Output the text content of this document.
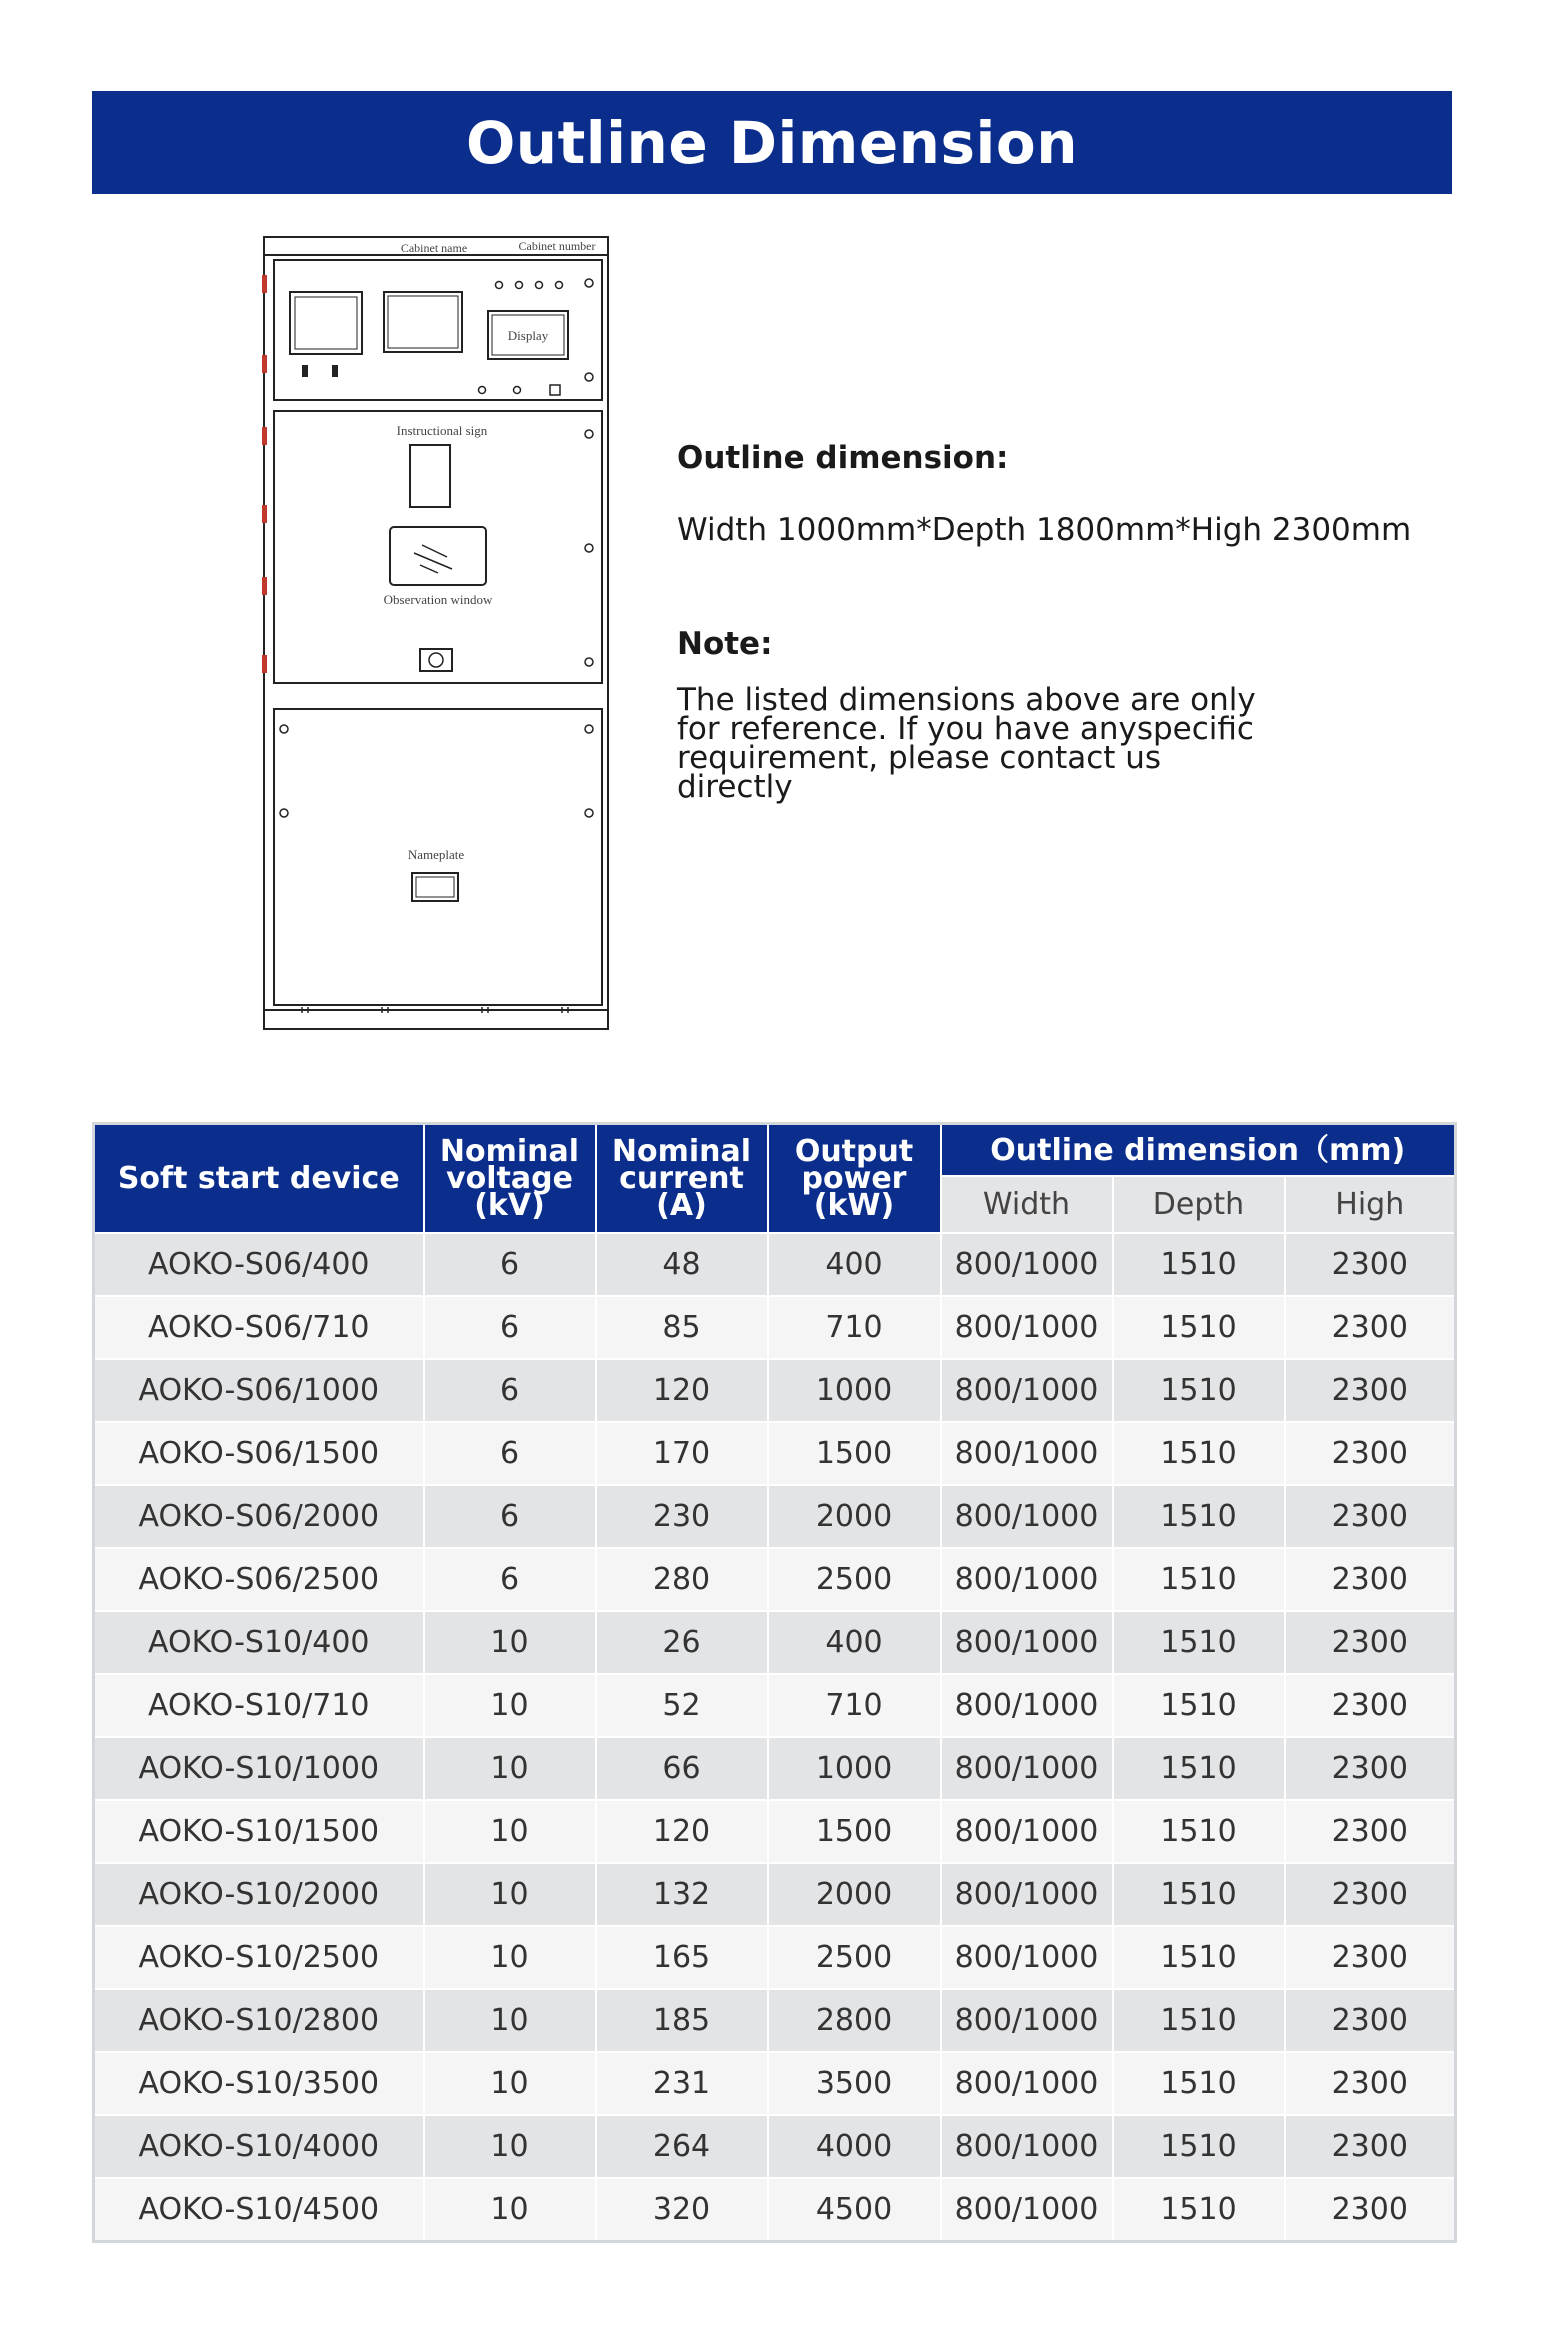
Outline Dimension
Cabinet name	Cabinet number
Display
Instructional sign
Observation window
Nameplate

Outline dimension:

Width 1000mm*Depth 1800mm*High 2300mm

Note:

The listed dimensions above are only for reference. If you have anyspecific requirement, please contact us directly

Soft start device	Nominal voltage (kV)	Nominal current (A)	Output power (kW)	Outline dimension（mm)		
				Width	Depth	High
AOKO-S06/400	6	48	400	800/1000	1510	2300
AOKO-S06/710	6	85	710	800/1000	1510	2300
AOKO-S06/1000	6	120	1000	800/1000	1510	2300
AOKO-S06/1500	6	170	1500	800/1000	1510	2300
AOKO-S06/2000	6	230	2000	800/1000	1510	2300
AOKO-S06/2500	6	280	2500	800/1000	1510	2300
AOKO-S10/400	10	26	400	800/1000	1510	2300
AOKO-S10/710	10	52	710	800/1000	1510	2300
AOKO-S10/1000	10	66	1000	800/1000	1510	2300
AOKO-S10/1500	10	120	1500	800/1000	1510	2300
AOKO-S10/2000	10	132	2000	800/1000	1510	2300
AOKO-S10/2500	10	165	2500	800/1000	1510	2300
AOKO-S10/2800	10	185	2800	800/1000	1510	2300
AOKO-S10/3500	10	231	3500	800/1000	1510	2300
AOKO-S10/4000	10	264	4000	800/1000	1510	2300
AOKO-S10/4500	10	320	4500	800/1000	1510	2300
